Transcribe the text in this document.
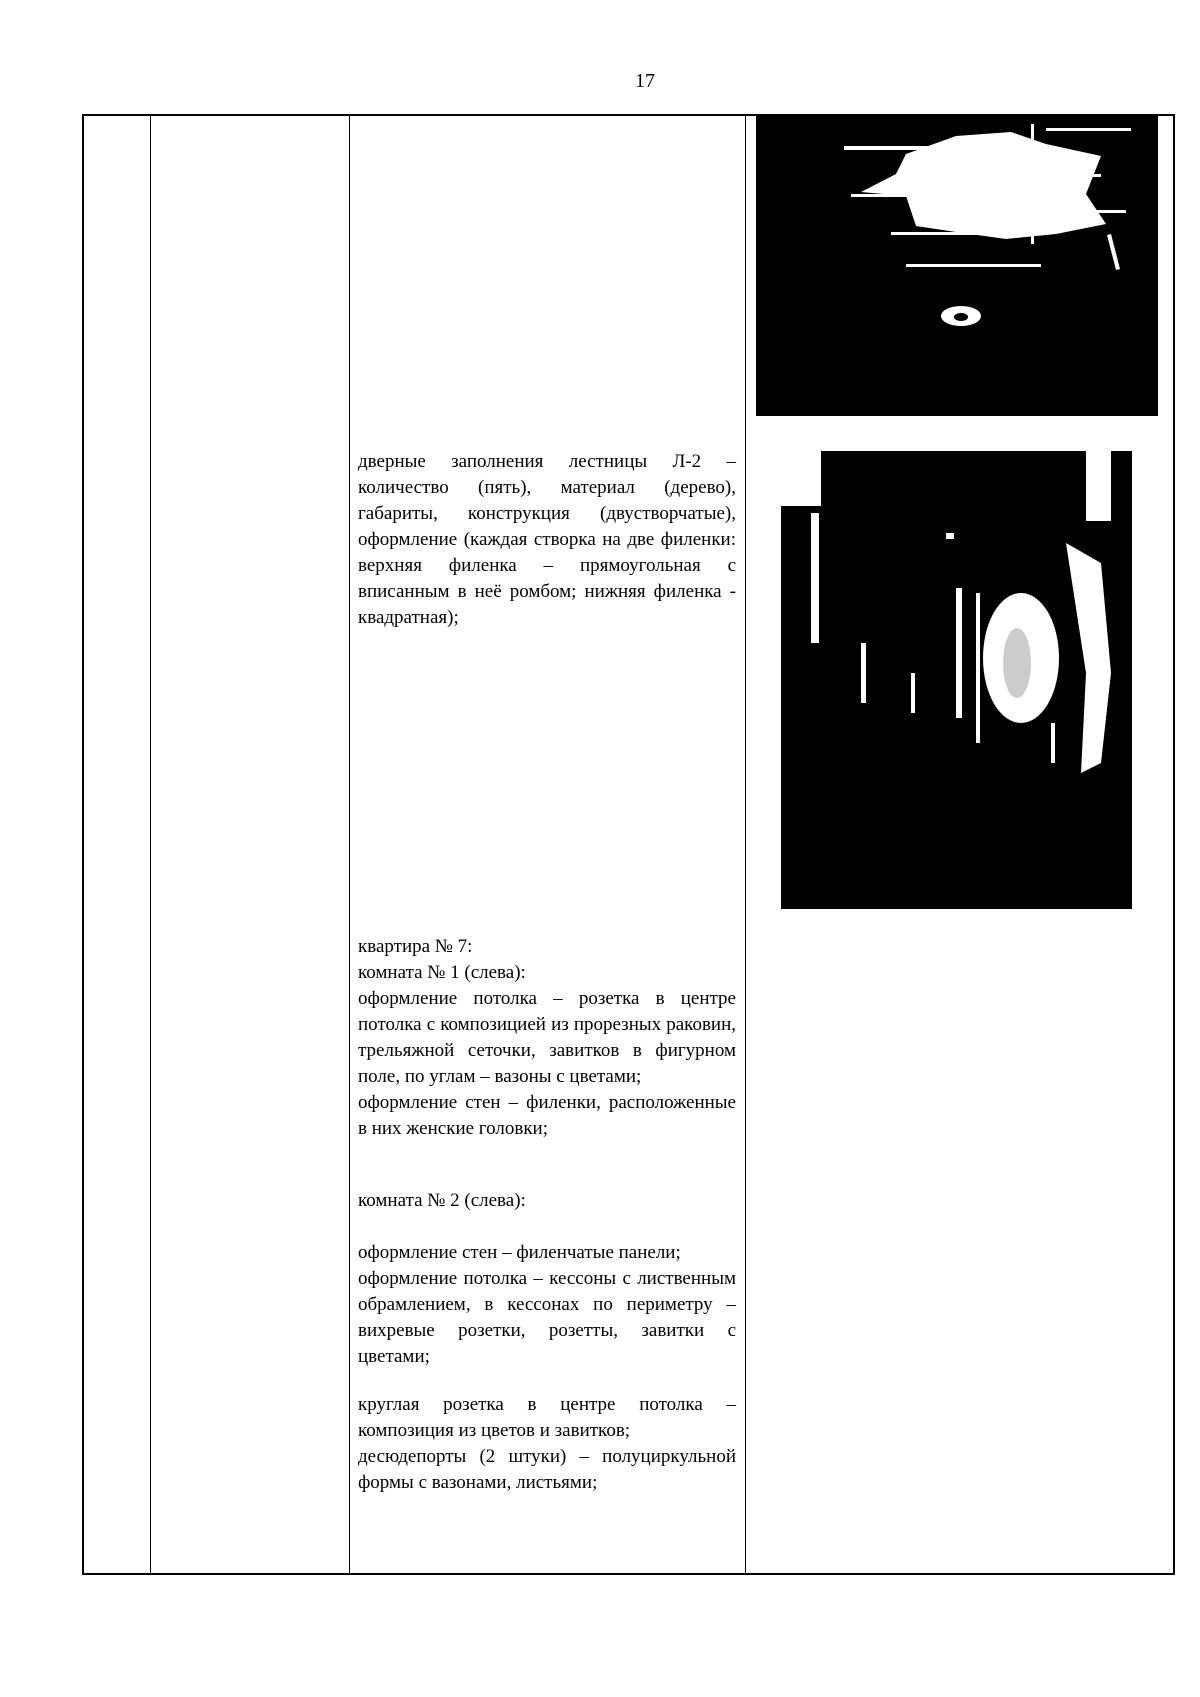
17
дверные заполнения лестницы Л-2 – количество (пять), материал (дерево), габариты, конструкция (двустворчатые), оформление (каждая створка на две филенки: верхняя филенка – прямоугольная с вписанным в неё ромбом; нижняя филенка - квадратная);

квартира № 7:

комната № 1 (слева):

оформление потолка – розетка в центре потолка с композицией из прорезных раковин, трельяжной сеточки, завитков в фигурном поле, по углам – вазоны с цветами;

оформление стен – филенки, расположенные в них женские головки;

комната № 2 (слева):

оформление стен – филенчатые панели;

оформление потолка – кессоны с лиственным обрамлением, в кессонах по периметру – вихревые розетки, розетты, завитки с цветами;

круглая розетка в центре потолка – композиция из цветов и завитков;

десюдепорты (2 штуки) – полуциркульной формы с вазонами, листьями;
